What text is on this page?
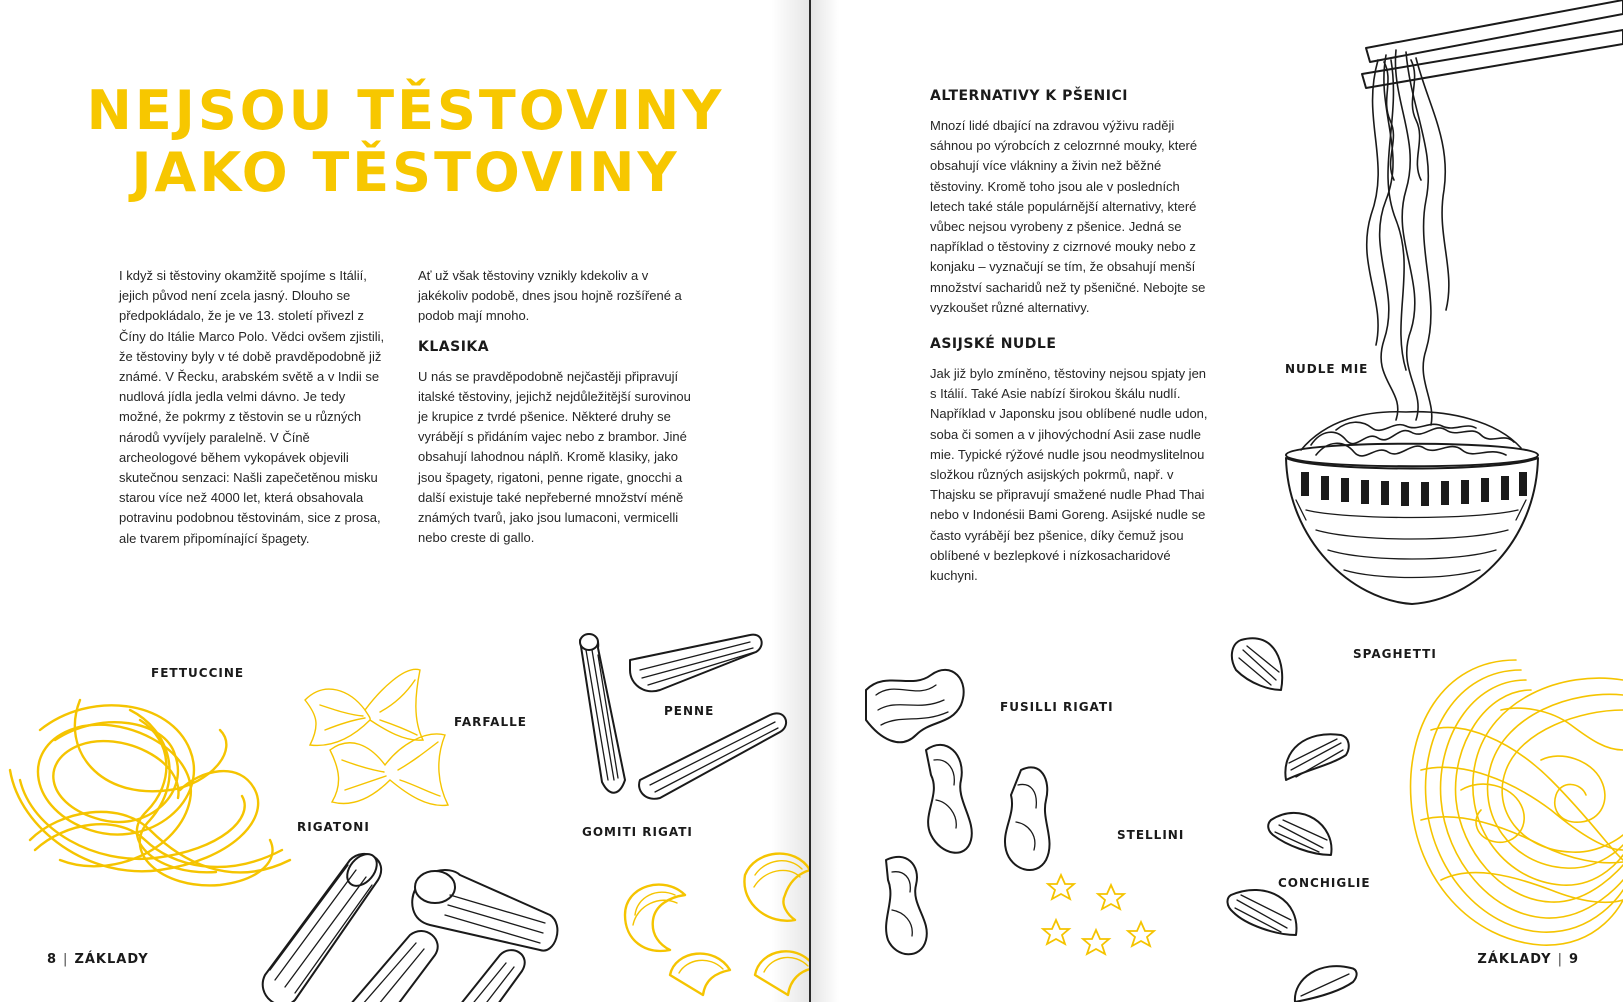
NEJSOU TĚSTOVINY
JAKO TĚSTOVINY

I když si těstoviny okamžitě spojíme s Itálií, jejich původ není zcela jasný. Dlouho se předpokládalo, že je ve 13. století přivezl z Číny do Itálie Marco Polo. Vědci ovšem zjistili, že těstoviny byly v té době pravděpodobně již známé. V Řecku, arabském světě a v Indii se nudlová jídla jedla velmi dávno. Je tedy možné, že pokrmy z těstovin se u různých národů vyvíjely paralelně. V Číně archeologové během vykopávek objevili skutečnou senzaci: Našli zapečetěnou misku starou více než 4000 let, která obsahovala potravinu podobnou těstovinám, sice z prosa, ale tvarem připomínající špagety.

Ať už však těstoviny vznikly kdekoliv a v jakékoliv podobě, dnes jsou hojně rozšířené a podob mají mnoho.

KLASIKA

U nás se pravděpodobně nejčastěji připravují italské těstoviny, jejichž nejdůležitější surovinou je krupice z tvrdé pšenice. Některé druhy se vyrábějí s přidáním vajec nebo z brambor. Jiné obsahují lahodnou náplň. Kromě klasiky, jako jsou špagety, rigatoni, penne rigate, gnocchi a další existuje také nepřeberné množství méně známých tvarů, jako jsou lumaconi, vermicelli nebo creste di gallo.

FETTUCCINE
FARFALLE
PENNE
RIGATONI	GOMITI RIGATI
8 | ZÁKLADY
ALTERNATIVY K PŠENICI

Mnozí lidé dbající na zdravou výživu raději sáhnou po výrobcích z celozrnné mouky, které obsahují více vlákniny a živin než běžné těstoviny. Kromě toho jsou ale v posledních letech také stále populárnější alternativy, které vůbec nejsou vyrobeny z pšenice. Jedná se například o těstoviny z cizrnové mouky nebo z konjaku – vyznačují se tím, že obsahují menší množství sacharidů než ty pšeničné. Nebojte se vyzkoušet různé alternativy.

ASIJSKÉ NUDLE

Jak již bylo zmíněno, těstoviny nejsou spjaty jen s Itálií. Také Asie nabízí širokou škálu nudlí. Například v Japonsku jsou oblíbené nudle udon, soba či somen a v jihovýchodní Asii zase nudle mie. Typické rýžové nudle jsou neodmyslitelnou složkou různých asijských pokrmů, např. v Thajsku se připravují smažené nudle Phad Thai nebo v Indonésii Bami Goreng. Asijské nudle se často vyrábějí bez pšenice, díky čemuž jsou oblíbené v bezlepkové i nízkosacharidové kuchyni.

NUDLE MIE
FUSILLI RIGATI
STELLINI
CONCHIGLIE
SPAGHETTI
ZÁKLADY | 9
